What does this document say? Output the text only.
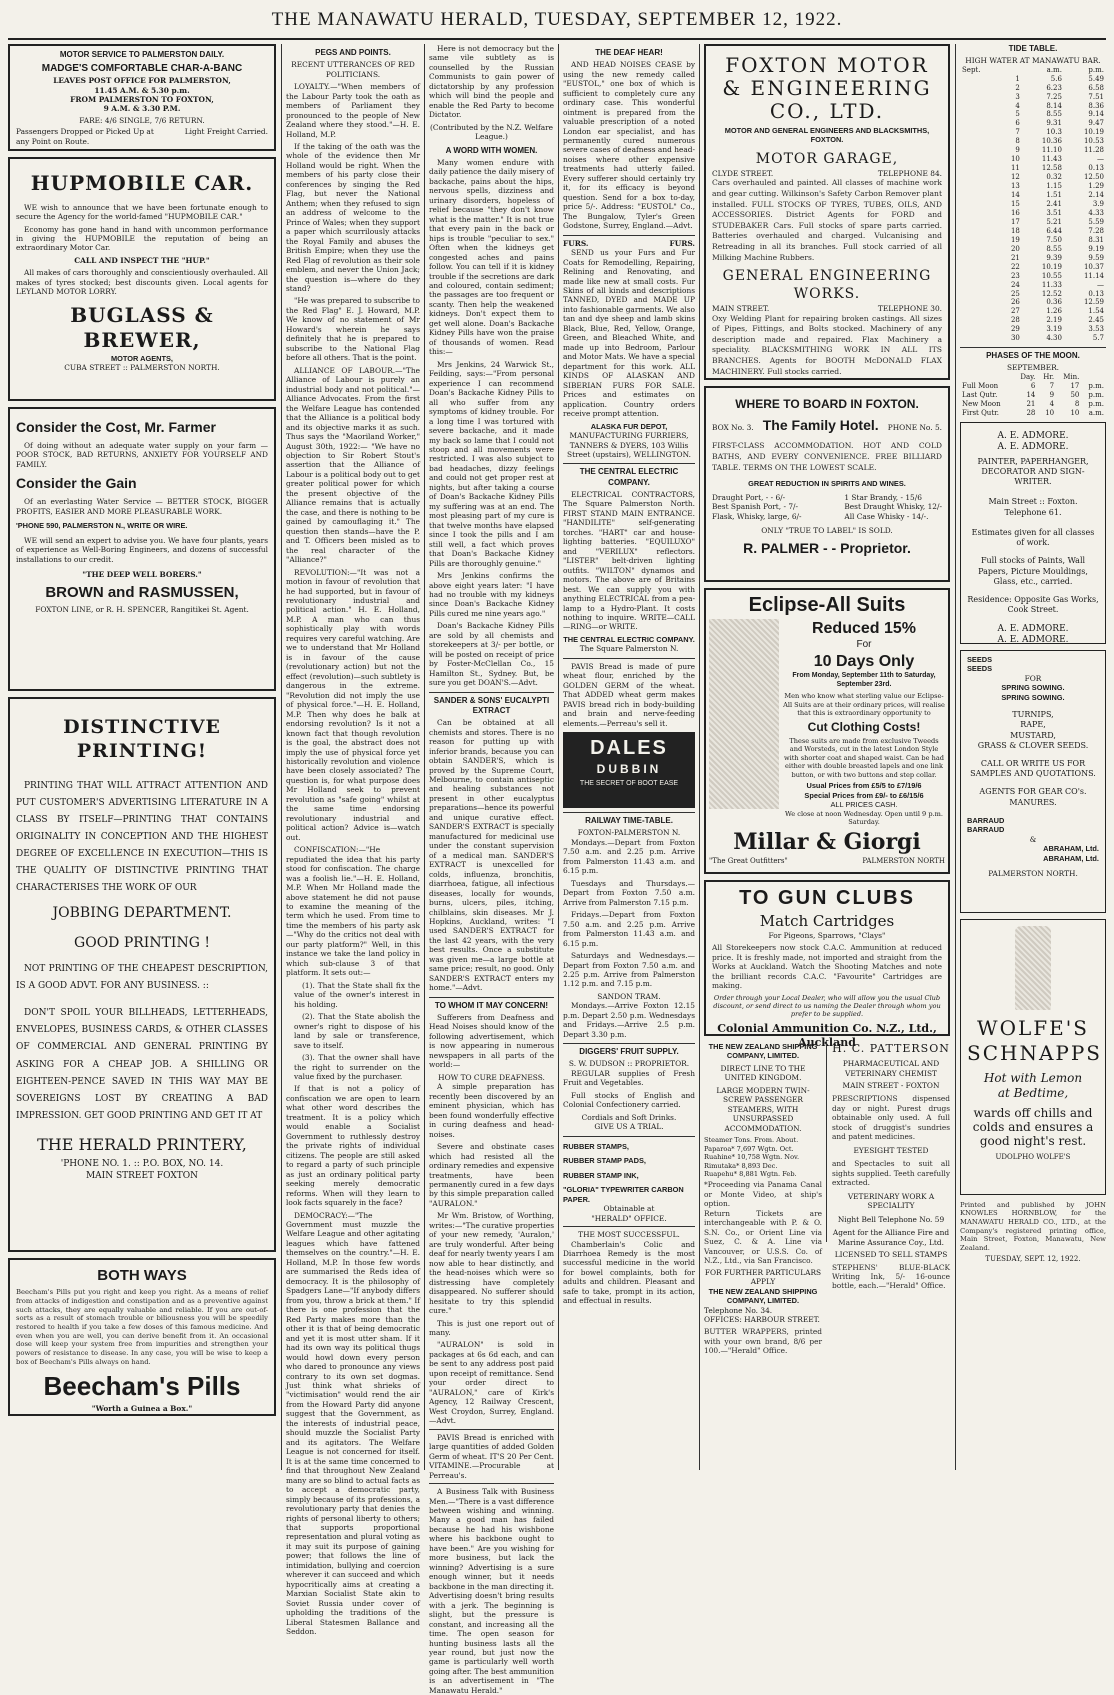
THE MANAWATU HERALD, TUESDAY, SEPTEMBER 12, 1922.
MOTOR SERVICE TO PALMERSTON DAILY.
MADGE'S COMFORTABLE CHAR-A-BANC
LEAVES POST OFFICE FOR PALMERSTON,
11.45 A.M. & 5.30 p.m.
FROM PALMERSTON TO FOXTON,
9 A.M. & 3.30 P.M.
FARE: 4/6 SINGLE, 7/6 RETURN.
Passengers Dropped or Picked Up at any Point on Route.
Light Freight Carried.
HUPMOBILE CAR.

WE wish to announce that we have been fortunate enough to secure the Agency for the world-famed "HUPMOBILE CAR."

Economy has gone hand in hand with uncommon performance in giving the HUPMOBILE the reputation of being an extraordinary Motor Car.

CALL AND INSPECT THE "HUP."

All makes of cars thoroughly and conscientiously overhauled. All makes of tyres stocked; best discounts given. Local agents for LEYLAND MOTOR LORRY.

BUGLASS & BREWER,
MOTOR AGENTS,
CUBA STREET :: PALMERSTON NORTH.
Consider the Cost, Mr. Farmer

Of doing without an adequate water supply on your farm — POOR STOCK, BAD RETURNS, ANXIETY FOR YOURSELF AND FAMILY.

Consider the Gain

Of an everlasting Water Service — BETTER STOCK, BIGGER PROFITS, EASIER AND MORE PLEASURABLE WORK.

'PHONE 590, PALMERSTON N., WRITE OR WIRE.

WE will send an expert to advise you. We have four plants, years of experience as Well-Boring Engineers, and dozens of successful installations to our credit.

"THE DEEP WELL BORERS."
BROWN and RASMUSSEN,
FOXTON LINE, or R. H. SPENCER, Rangitikei St. Agent.
DISTINCTIVE PRINTING!

PRINTING THAT WILL ATTRACT ATTENTION AND PUT CUSTOMER'S ADVERTISING LITERATURE IN A CLASS BY ITSELF—PRINTING THAT CONTAINS ORIGINALITY IN CONCEPTION AND THE HIGHEST DEGREE OF EXCELLENCE IN EXECUTION—THIS IS THE QUALITY OF DISTINCTIVE PRINTING THAT CHARACTERISES THE WORK OF OUR

JOBBING DEPARTMENT.
GOOD PRINTING !

NOT PRINTING OF THE CHEAPEST DESCRIPTION, IS A GOOD ADVT. FOR ANY BUSINESS. ::

DON'T SPOIL YOUR BILLHEADS, LETTERHEADS, ENVELOPES, BUSINESS CARDS, & OTHER CLASSES OF COMMERCIAL AND GENERAL PRINTING BY ASKING FOR A CHEAP JOB. A SHILLING OR EIGHTEEN-PENCE SAVED IN THIS WAY MAY BE SOVEREIGNS LOST BY CREATING A BAD IMPRESSION. GET GOOD PRINTING AND GET IT AT

THE HERALD PRINTERY,
'PHONE NO. 1. :: P.O. BOX, NO. 14.
MAIN STREET FOXTON
BOTH WAYS

Beecham's Pills put you right and keep you right. As a means of relief from attacks of indigestion and constipation and as a preventive against such attacks, they are equally valuable and reliable. If you are out-of-sorts as a result of stomach trouble or biliousness you will be speedily restored to health if you take a few doses of this famous medicine. And even when you are well, you can derive benefit from it. An occasional dose will keep your system free from impurities and strengthen your powers of resistance to disease. In any case, you will be wise to keep a box of Beecham's Pills always on hand.

Beecham's Pills
"Worth a Guinea a Box."
PEGS AND POINTS.
RECENT UTTERANCES OF RED POLITICIANS.

LOYALTY.—"When members of the Labour Party took the oath as members of Parliament they pronounced to the people of New Zealand where they stood."—H. E. Holland, M.P.

If the taking of the oath was the whole of the evidence then Mr Holland would be right. When the members of his party close their conferences by singing the Red Flag, but never the National Anthem; when they refused to sign an address of welcome to the Prince of Wales; when they support a paper which scurrilously attacks the Royal Family and abuses the British Empire; when they use the Red Flag of revolution as their sole emblem, and never the Union Jack; the question is—where do they stand?

"He was prepared to subscribe to the Red Flag" E. J. Howard, M.P. We know of no statement of Mr Howard's wherein he says definitely that he is prepared to subscribe to the National Flag before all others. That is the point.

ALLIANCE OF LABOUR.—"The Alliance of Labour is purely an industrial body and not political."—Alliance Advocates. From the first the Welfare League has contended that the Alliance is a political body and its objective marks it as such. Thus says the "Maoriland Worker," August 30th, 1922:— "We have no objection to Sir Robert Stout's assertion that the Alliance of Labour is a political body out to get greater political power for which the present objective of the Alliance remains that is actually the case, and there is nothing to be gained by camouflaging it." The question then stands—have the P. and T. Officers been misled as to the real character of the "Alliance?"

REVOLUTION:—"It was not a motion in favour of revolution that he had supported, but in favour of revolutionary industrial and political action." H. E. Holland, M.P. A man who can thus sophistically play with words requires very careful watching. Are we to understand that Mr Holland is in favour of the cause (revolutionary action) but not the effect (revolution)—such subtlety is dangerous in the extreme. "Revolution did not imply the use of physical force."—H. E. Holland, M.P. Then why does he balk at endorsing revolution? Is it not a known fact that though revolution is the goal, the abstract does not imply the use of physical force yet historically revolution and violence have been closely associated? The question is, for what purpose does Mr Holland seek to prevent revolution as "safe going" whilst at the same time endorsing revolutionary industrial and political action? Advice is—watch out.

CONFISCATION:—"He repudiated the idea that his party stood for confiscation. The charge was a foolish lie."—H. E. Holland, M.P. When Mr Holland made the above statement he did not pause to examine the meaning of the term which he used. From time to time the members of his party ask—"Why do the critics not deal with our party platform?" Well, in this instance we take the land policy in which sub-clause 3 of that platform. It sets out:—

(1). That the State shall fix the value of the owner's interest in his holding.

(2). That the State abolish the owner's right to dispose of his land by sale or transference, save to itself.

(3). That the owner shall have the right to surrender on the value fixed by the purchaser.

If that is not a policy of confiscation we are open to learn what other word describes the treatment. It is a policy which would enable a Socialist Government to ruthlessly destroy the private rights of individual citizens. The people are still asked to regard a party of such principle as just an ordinary political party seeking merely democratic reforms. When will they learn to look facts squarely in the face?

DEMOCRACY:—"The Government must muzzle the Welfare League and other agitating leagues which have fattened themselves on the country."—H. E. Holland, M.P. In those few words are summarised the Reds idea of democracy. It is the philosophy of Spadgers Lane—"If anybody differs from you, throw a brick at them." If there is one profession that the Red Party makes more than the other it is that of being democratic and yet it is most utter sham. If it had its own way its political thugs would howl down every person who dared to pronounce any views contrary to its own set dogmas. Just think what shrieks of "victimisation" would rend the air from the Howard Party did anyone suggest that the Government, as the interests of industrial peace, should muzzle the Socialist Party and its agitators. The Welfare League is not concerned for itself. It is at the same time concerned to find that throughout New Zealand many are so blind to actual facts as to accept a democratic party, simply because of its professions, a revolutionary party that denies the rights of personal liberty to others; that supports proportional representation and plural voting as it may suit its purpose of gaining power; that follows the line of intimidation, bullying and coercion wherever it can succeed and which hypocritically aims at creating a Marxian Socialist State akin to Soviet Russia under cover of upholding the traditions of the Liberal Statesmen Ballance and Seddon.

Here is not democracy but the same vile subtlety as is counselled by the Russian Communists to gain power of dictatorship by any profession which will bind the people and enable the Red Party to become Dictator.

(Contributed by the N.Z. Welfare League.)

A WORD WITH WOMEN.

Many women endure with daily patience the daily misery of backache, pains about the hips, nervous spells, dizziness and urinary disorders, hopeless of relief because "they don't know what is the matter." It is not true that every pain in the back or hips is trouble "peculiar to sex." Often when the kidneys get congested aches and pains follow. You can tell if it is kidney trouble if the secretions are dark and coloured, contain sediment; the passages are too frequent or scanty. Then help the weakened kidneys. Don't expect them to get well alone. Doan's Backache Kidney Pills have won the praise of thousands of women. Read this:—

Mrs Jenkins, 24 Warwick St., Feilding, says:—"From personal experience I can recommend Doan's Backache Kidney Pills to all who suffer from any symptoms of kidney trouble. For a long time I was tortured with severe backache, and it made my back so lame that I could not stoop and all movements were restricted. I was also subject to bad headaches, dizzy feelings and could not get proper rest at nights, but after taking a course of Doan's Backache Kidney Pills my suffering was at an end. The most pleasing part of my cure is that twelve months have elapsed since I took the pills and I am still well, a fact which proves that Doan's Backache Kidney Pills are thoroughly genuine."

Mrs Jenkins confirms the above eight years later: "I have had no trouble with my kidneys since Doan's Backache Kidney Pills cured me nine years ago."

Doan's Backache Kidney Pills are sold by all chemists and storekeepers at 3/- per bottle, or will be posted on receipt of price by Foster-McClellan Co., 15 Hamilton St., Sydney. But, be sure you get DOAN'S.—Advt.

SANDER & SONS' EUCALYPTI EXTRACT

Can be obtained at all chemists and stores. There is no reason for putting up with inferior brands, because you can obtain SANDER'S, which is proved by the Supreme Court, Melbourne, to contain antiseptic and healing substances not present in other eucalyptus preparations—hence its powerful and unique curative effect. SANDER'S EXTRACT is specially manufactured for medicinal use under the constant supervision of a medical man. SANDER'S EXTRACT is unexcelled for colds, influenza, bronchitis, diarrhoea, fatigue, all infectious diseases, locally for wounds, burns, ulcers, piles, itching, chilblains, skin diseases. Mr J. Hopkins, Auckland, writes: "I used SANDER'S EXTRACT for the last 42 years, with the very best results. Once a substitute was given me—a large bottle at same price; result, no good. Only SANDER'S EXTRACT enters my home."—Advt.

TO WHOM IT MAY CONCERN!

Sufferers from Deafness and Head Noises should know of the following advertisement, which is now appearing in numerous newspapers in all parts of the world:—

HOW TO CURE DEAFNESS.

A simple preparation has recently been discovered by an eminent physician, which has been found wonderfully effective in curing deafness and head-noises.

Severe and obstinate cases which had resisted all the ordinary remedies and expensive treatments, have been permanently cured in a few days by this simple preparation called "AURALON."

Mr Wm. Bristow, of Worthing, writes:—"The curative properties of your new remedy, 'Auralon,' are truly wonderful. After being deaf for nearly twenty years I am now able to hear distinctly, and the head-noises which were so distressing have completely disappeared. No sufferer should hesitate to try this splendid cure."

This is just one report out of many.

"AURALON" is sold in packages at 6s 6d each, and can be sent to any address post paid upon receipt of remittance. Send your order direct to "AURALON," care of Kirk's Agency, 12 Railway Crescent, West Croydon, Surrey, England.—Advt.

PAVIS Bread is enriched with large quantities of added Golden Germ of wheat. IT'S 20 Per Cent. VITAMINE.—Procurable at Perreau's.

A Business Talk with Business Men.—"There is a vast difference between wishing and winning. Many a good man has failed because he had his wishbone where his backbone ought to have been." Are you wishing for more business, but lack the winning? Advertising is a sure enough winner, but it needs backbone in the man directing it. Advertising doesn't bring results with a jerk. The beginning is slight, but the pressure is constant, and increasing all the time. The open season for hunting business lasts all the year round, but just now the game is particularly well worth going after. The best ammunition is an advertisement in "The Manawatu Herald."

THE DEAF HEAR!

AND HEAD NOISES CEASE by using the new remedy called "EUSTOL," one box of which is sufficient to completely cure any ordinary case. This wonderful ointment is prepared from the valuable prescription of a noted London ear specialist, and has permanently cured numerous severe cases of deafness and head-noises where other expensive treatments had utterly failed. Every sufferer should certainly try it, for its efficacy is beyond question. Send for a box to-day, price 5/-. Address: "EUSTOL" Co., The Bungalow, Tyler's Green Godstone, Surrey, England.—Advt.

FURS.	FURS.

SEND us your Furs and Fur Coats for Remodelling, Repairing, Relining and Renovating, and made like new at small costs. Fur Skins of all kinds and descriptions TANNED, DYED and MADE UP into fashionable garments. We also tan and dye sheep and lamb skins Black, Blue, Red, Yellow, Orange, Green, and Bleached White, and made up into Bedroom, Parlour and Motor Mats. We have a special department for this work. ALL KINDS OF ALASKAN AND SIBERIAN FURS FOR SALE. Prices and estimates on application. Country orders receive prompt attention.

ALASKA FUR DEPOT,
MANUFACTURING FURRIERS, TANNERS & DYERS, 103 Willis Street (upstairs), WELLINGTON.
THE CENTRAL ELECTRIC COMPANY.

ELECTRICAL CONTRACTORS, The Square Palmerston North. FIRST STAND MAIN ENTRANCE. "HANDILITE" self-generating torches. "HART" car and house-lighting batteries. "EQUILUXO" and "VERILUX" reflectors. "LISTER" belt-driven lighting outfits. "WILTON" dynamos and motors. The above are of Britains best. We can supply you with anything ELECTRICAL from a pea-lamp to a Hydro-Plant. It costs nothing to inquire. WRITE—CALL—RING—or WRITE.

THE CENTRAL ELECTRIC COMPANY.
The Square Palmerston N.

PAVIS Bread is made of pure wheat flour, enriched by the GOLDEN GERM of the wheat. That ADDED wheat germ makes PAVIS bread rich in body-building and brain and nerve-feeding elements.—Perreau's sell it.

DALES
DUBBIN
THE SECRET OF BOOT EASE
RAILWAY TIME-TABLE.
FOXTON-PALMERSTON N.

Mondays.—Depart from Foxton 7.50 a.m. and 2.25 p.m. Arrive from Palmerston 11.43 a.m. and 6.15 p.m.

Tuesdays and Thursdays.—Depart from Foxton 7.50 a.m. Arrive from Palmerston 7.15 p.m.

Fridays.—Depart from Foxton 7.50 a.m. and 2.25 p.m. Arrive from Palmerston 11.43 a.m. and 6.15 p.m.

Saturdays and Wednesdays.—Depart from Foxton 7.50 a.m. and 2.25 p.m. Arrive from Palmerston 1.12 p.m. and 7.15 p.m.

SANDON TRAM.

Mondays.—Arrive Foxton 12.15 p.m. Depart 2.50 p.m. Wednesdays and Fridays.—Arrive 2.5 p.m. Depart 3.30 p.m.

DIGGERS' FRUIT SUPPLY.
S. W. DUDSON :: PROPRIETOR.

REGULAR supplies of Fresh Fruit and Vegetables.

Full stocks of English and Colonial Confectionery carried.

Cordials and Soft Drinks.
GIVE US A TRIAL.
RUBBER STAMPS,
RUBBER STAMP PADS,
RUBBER STAMP INK,
"GLORIA" TYPEWRITER CARBON PAPER.
Obtainable at
"HERALD" OFFICE.
THE MOST SUCCESSFUL.

Chamberlain's Colic and Diarrhoea Remedy is the most successful medicine in the world for bowel complaints, both for adults and children. Pleasant and safe to take, prompt in its action, and effectual in results.

FOXTON MOTOR & ENGINEERING CO., LTD.
MOTOR AND GENERAL ENGINEERS AND BLACKSMITHS, FOXTON.
MOTOR GARAGE,
CLYDE STREET.	TELEPHONE 84.

Cars overhauled and painted. All classes of machine work and gear cutting. Wilkinson's Safety Carbon Remover plant installed. FULL STOCKS OF TYRES, TUBES, OILS, AND ACCESSORIES. District Agents for FORD and STUDEBAKER Cars. Full stocks of spare parts carried. Batteries overhauled and charged. Vulcanising and Retreading in all its branches. Full stock carried of all Milking Machine Rubbers.

GENERAL ENGINEERING WORKS.
MAIN STREET.	TELEPHONE 30.

Oxy Welding Plant for repairing broken castings. All sizes of Pipes, Fittings, and Bolts stocked. Machinery of any description made and repaired. Flax Machinery a speciality. BLACKSMITHING WORK IN ALL ITS BRANCHES. Agents for BOOTH McDONALD FLAX MACHINERY. Full stocks carried.

WHERE TO BOARD IN FOXTON.
BOX No. 3. The Family Hotel. PHONE No. 5.

FIRST-CLASS ACCOMMODATION. HOT AND COLD BATHS, AND EVERY CONVENIENCE. FREE BILLIARD TABLE. TERMS ON THE LOWEST SCALE.

GREAT REDUCTION IN SPIRITS AND WINES.
Draught Port, - - 6/-
Best Spanish Port, - 7/-
Flask, Whisky, large, 6/-
1 Star Brandy, - 15/6
Best Draught Whisky, 12/-
All Case Whisky - 14/-.
ONLY "TRUE TO LABEL" IS SOLD.
R. PALMER - - Proprietor.
Eclipse-All Suits
Reduced 15%
For
10 Days Only
From Monday, September 11th to Saturday, September 23rd.
Men who know what sterling value our Eclipse-All Suits are at their ordinary prices, will realise that this is extraordinary opportunity to
Cut Clothing Costs!
These suits are made from exclusive Tweeds and Worsteds, cut in the latest London Style with shorter coat and shaped waist. Can be had either with double breasted lapels and one link button, or with two buttons and step collar.
Usual Prices from £5/5 to £7/19/6
Special Prices from £9/- to £6/15/6
ALL PRICES CASH.
We close at noon Wednesday. Open until 9 p.m. Saturday.
Millar & Giorgi
"The Great Outfitters"	PALMERSTON NORTH
TO GUN CLUBS
Match Cartridges
For Pigeons, Sparrows, "Clays"

All Storekeepers now stock C.A.C. Ammunition at reduced price. It is freshly made, not imported and straight from the Works at Auckland. Watch the Shooting Matches and note the brilliant records C.A.C. "Favourite" Cartridges are making.

Order through your Local Dealer, who will allow you the usual Club discount, or send direct to us naming the Dealer through whom you prefer to be supplied.

Colonial Ammunition Co. N.Z., Ltd., Auckland
THE NEW ZEALAND SHIPPING COMPANY, LIMITED.
DIRECT LINE TO THE UNITED KINGDOM.
LARGE MODERN TWIN-SCREW PASSENGER STEAMERS, WITH UNSURPASSED ACCOMMODATION.
Steamer Tons. From. About.
Paparoa* 7,697 Wgtn. Oct.
Ruahine* 10,758 Wgtn. Nov.
Rimutaka* 8,893 Dec.
Ruapehu* 8,881 Wgtn. Feb.

*Proceeding via Panama Canal or Monte Video, at ship's option.

Return Tickets are interchangeable with P. & O. S.N. Co., or Orient Line via Suez, C. & A. Line via Vancouver, or U.S.S. Co. of N.Z., Ltd., via San Francisco.

FOR FURTHER PARTICULARS APPLY
THE NEW ZEALAND SHIPPING COMPANY, LIMITED.
Telephone No. 34.
OFFICES: HARBOUR STREET.

BUTTER WRAPPERS, printed with your own brand, 8/6 per 100.—"Herald" Office.

H. C. PATTERSON
PHARMACEUTICAL AND VETERINARY CHEMIST
MAIN STREET - FOXTON

PRESCRIPTIONS dispensed day or night. Purest drugs obtainable only used. A full stock of druggist's sundries and patent medicines.

EYESIGHT TESTED

and Spectacles to suit all sights supplied. Teeth carefully extracted.

VETERINARY WORK A SPECIALITY
Night Bell Telephone No. 59

Agent for the Alliance Fire and Marine Assurance Coy., Ltd.

LICENSED TO SELL STAMPS

STEPHENS' BLUE-BLACK Writing Ink, 5/- 16-ounce bottle, each.—"Herald" Office.

TIDE TABLE.
HIGH WATER AT MANAWATU BAR.
Sept.		a.m.	p.m.
	1	5.6	5.49
	2	6.23	6.58
	3	7.25	7.51
	4	8.14	8.36
	5	8.55	9.14
	6	9.31	9.47
	7	10.3	10.19
	8	10.36	10.53
	9	11.10	11.28
	10	11.43	—
	11	12.58	0.13
	12	0.32	12.50
	13	1.15	1.29
	14	1.51	2.14
	15	2.41	3.9
	16	3.51	4.33
	17	5.21	5.59
	18	6.44	7.28
	19	7.50	8.31
	20	8.55	9.19
	21	9.39	9.59
	22	10.19	10.37
	23	10.55	11.14
	24	11.33	—
	25	12.52	0.13
	26	0.36	12.59
	27	1.26	1.54
	28	2.19	2.45
	29	3.19	3.53
	30	4.30	5.7
PHASES OF THE MOON.
SEPTEMBER.
	Day.	Hr.	Min.	
Full Moon	6	7	17	p.m.
Last Qutr.	14	9	50	p.m.
New Moon	21	4	8	p.m.
First Qutr.	28	10	10	a.m.
A. E. ADMORE.
A. E. ADMORE.
PAINTER, PAPERHANGER, DECORATOR AND SIGN-WRITER.
Main Street :: Foxton.
Telephone 61.
Estimates given for all classes of work.
Full stocks of Paints, Wall Papers, Picture Mouldings, Glass, etc., carried.
Residence: Opposite Gas Works, Cook Street.
A. E. ADMORE.
A. E. ADMORE.
SEEDS
SEEDS
FOR
SPRING SOWING.
SPRING SOWING.
TURNIPS,
RAPE,
MUSTARD,
GRASS & CLOVER SEEDS.
CALL OR WRITE US FOR SAMPLES AND QUOTATIONS.
AGENTS FOR GEAR CO's. MANURES.
BARRAUD
BARRAUD
&
ABRAHAM, Ltd.
ABRAHAM, Ltd.
PALMERSTON NORTH.
WOLFE'S
SCHNAPPS
Hot with Lemon
at Bedtime,
wards off chills and colds and ensures a good night's rest.
UDOLPHO WOLFE'S

Printed and published by JOHN KNOWLES HORNBLOW, for the MANAWATU HERALD CO., LTD., at the Company's registered printing office, Main Street, Foxton, Manawatu, New Zealand.

TUESDAY, SEPT. 12, 1922.
